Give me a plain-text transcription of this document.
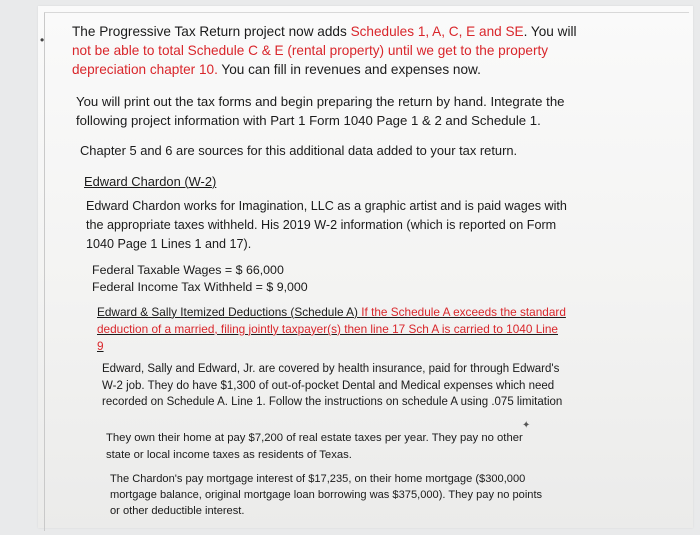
•
The Progressive Tax Return project now adds Schedules 1, A, C, E and SE. You will not be able to total Schedule C & E (rental property) until we get to the property depreciation chapter 10. You can fill in revenues and expenses now.
You will print out the tax forms and begin preparing the return by hand. Integrate the following project information with Part 1 Form 1040 Page 1 & 2 and Schedule 1.
Chapter 5 and 6 are sources for this additional data added to your tax return.
Edward Chardon (W-2)
Edward Chardon works for Imagination, LLC as a graphic artist and is paid wages with the appropriate taxes withheld. His 2019 W-2 information (which is reported on Form 1040 Page 1 Lines 1 and 17).
Federal Taxable Wages = $ 66,000
Federal Income Tax Withheld = $ 9,000
Edward & Sally Itemized Deductions (Schedule A) If the Schedule A exceeds the standard deduction of a married, filing jointly taxpayer(s) then line 17 Sch A is carried to 1040 Line 9
Edward, Sally and Edward, Jr. are covered by health insurance, paid for through Edward's W-2 job. They do have $1,300 of out-of-pocket Dental and Medical expenses which need recorded on Schedule A. Line 1. Follow the instructions on schedule A using .075 limitation
✦
They own their home at pay $7,200 of real estate taxes per year. They pay no other state or local income taxes as residents of Texas.
The Chardon's pay mortgage interest of $17,235, on their home mortgage ($300,000 mortgage balance, original mortgage loan borrowing was $375,000). They pay no points or other deductible interest.
